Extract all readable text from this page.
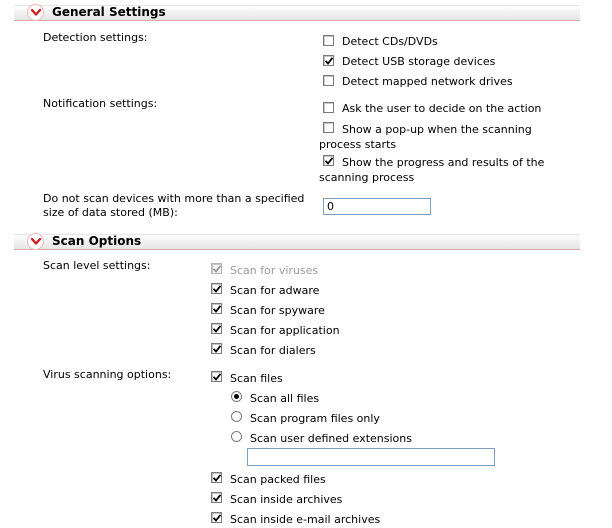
General Settings
Detection settings:	Detect CDs/DVDs
Detect USB storage devices
Detect mapped network drives
Notification settings:	Ask the user to decide on the action
Show a pop-up when the scanning
process starts
Show the progress and results of the
scanning process
Do not scan devices with more than a specified
size of data stored (MB):	0
Scan Options
Scan level settings:	Scan for viruses
Scan for adware
Scan for spyware
Scan for application
Scan for dialers
Virus scanning options:	Scan files
Scan all files
Scan program files only
Scan user defined extensions
Scan packed files
Scan inside archives
Scan inside e-mail archives
